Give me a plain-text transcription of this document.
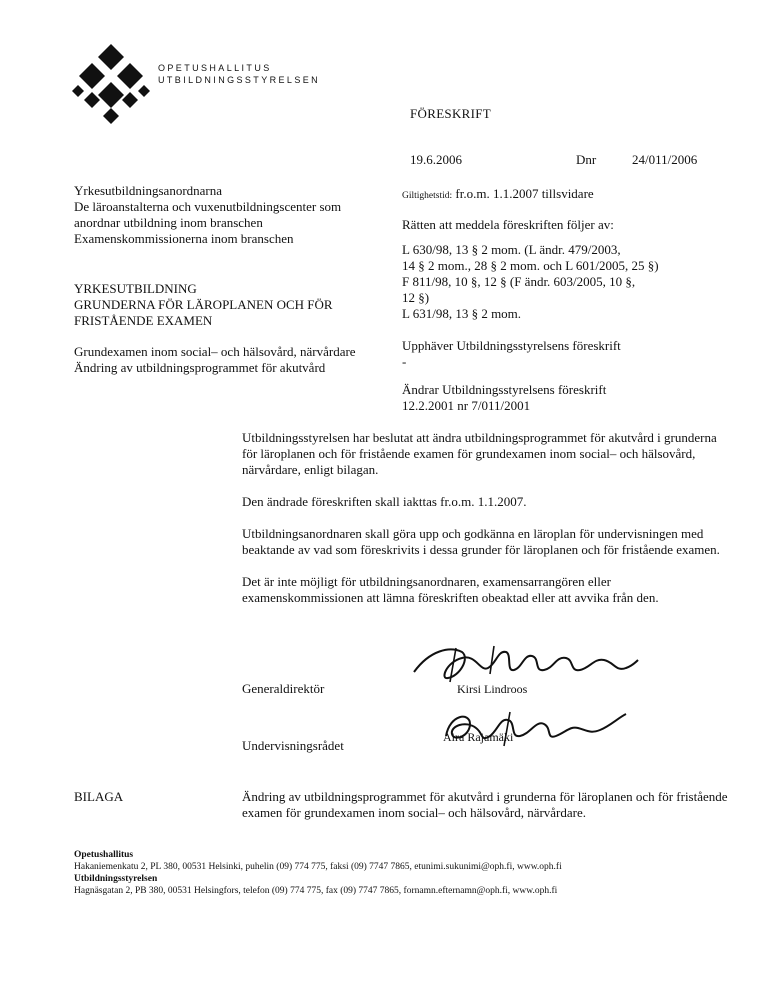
OPETUSHALLITUS
UTBILDNINGSSTYRELSEN
FÖRESKRIFT
19.6.2006	Dnr	24/011/2006

Yrkesutbildningsanordnarna

De läroanstalterna och vuxenutbildningscenter som anordnar utbildning inom branschen

Examenskommissionerna inom branschen

YRKESUTBILDNING

GRUNDERNA FÖR LÄROPLANEN OCH FÖR FRISTÅENDE EXAMEN

Grundexamen inom social– och hälsovård, närvårdare

Ändring av utbildningsprogrammet för akutvård

Giltighetstid: fr.o.m. 1.1.2007 tillsvidare
Rätten att meddela föreskriften följer av:

L 630/98, 13 § 2 mom. (L ändr. 479/2003,

14 § 2 mom., 28 § 2 mom. och L 601/2005, 25 §)

F 811/98, 10 §, 12 § (F ändr. 603/2005, 10 §,

12 §)

L 631/98, 13 § 2 mom.

Upphäver Utbildningsstyrelsens föreskrift
-
Ändrar Utbildningsstyrelsens föreskrift
12.2.2001 nr 7/011/2001

Utbildningsstyrelsen har beslutat att ändra utbildningsprogrammet för akutvård i grunderna för läroplanen och för fristående examen för grundexamen inom social– och hälsovård, närvårdare, enligt bilagan.

Den ändrade föreskriften skall iakttas fr.o.m. 1.1.2007.

Utbildningsanordnaren skall göra upp och godkänna en läroplan för undervisningen med beaktande av vad som föreskrivits i dessa grunder för läroplanen och för fristående examen.

Det är inte möjligt för utbildningsanordnaren, examensarrangören eller examenskommissionen att lämna föreskriften obeaktad eller att avvika från den.

Kirsi Lindroos
Generaldirektör
Aira Rajamäki
Undervisningsrådet
BILAGA	Ändring av utbildningsprogrammet för akutvård i grunderna för läroplanen och för fristående examen för grundexamen inom social– och hälsovård, närvårdare.

Opetushallitus

Hakaniemenkatu 2, PL 380, 00531 Helsinki, puhelin (09) 774 775, faksi (09) 7747 7865, etunimi.sukunimi@oph.fi, www.oph.fi

Utbildningsstyrelsen

Hagnäsgatan 2, PB 380, 00531 Helsingfors, telefon (09) 774 775, fax (09) 7747 7865, fornamn.efternamn@oph.fi, www.oph.fi
